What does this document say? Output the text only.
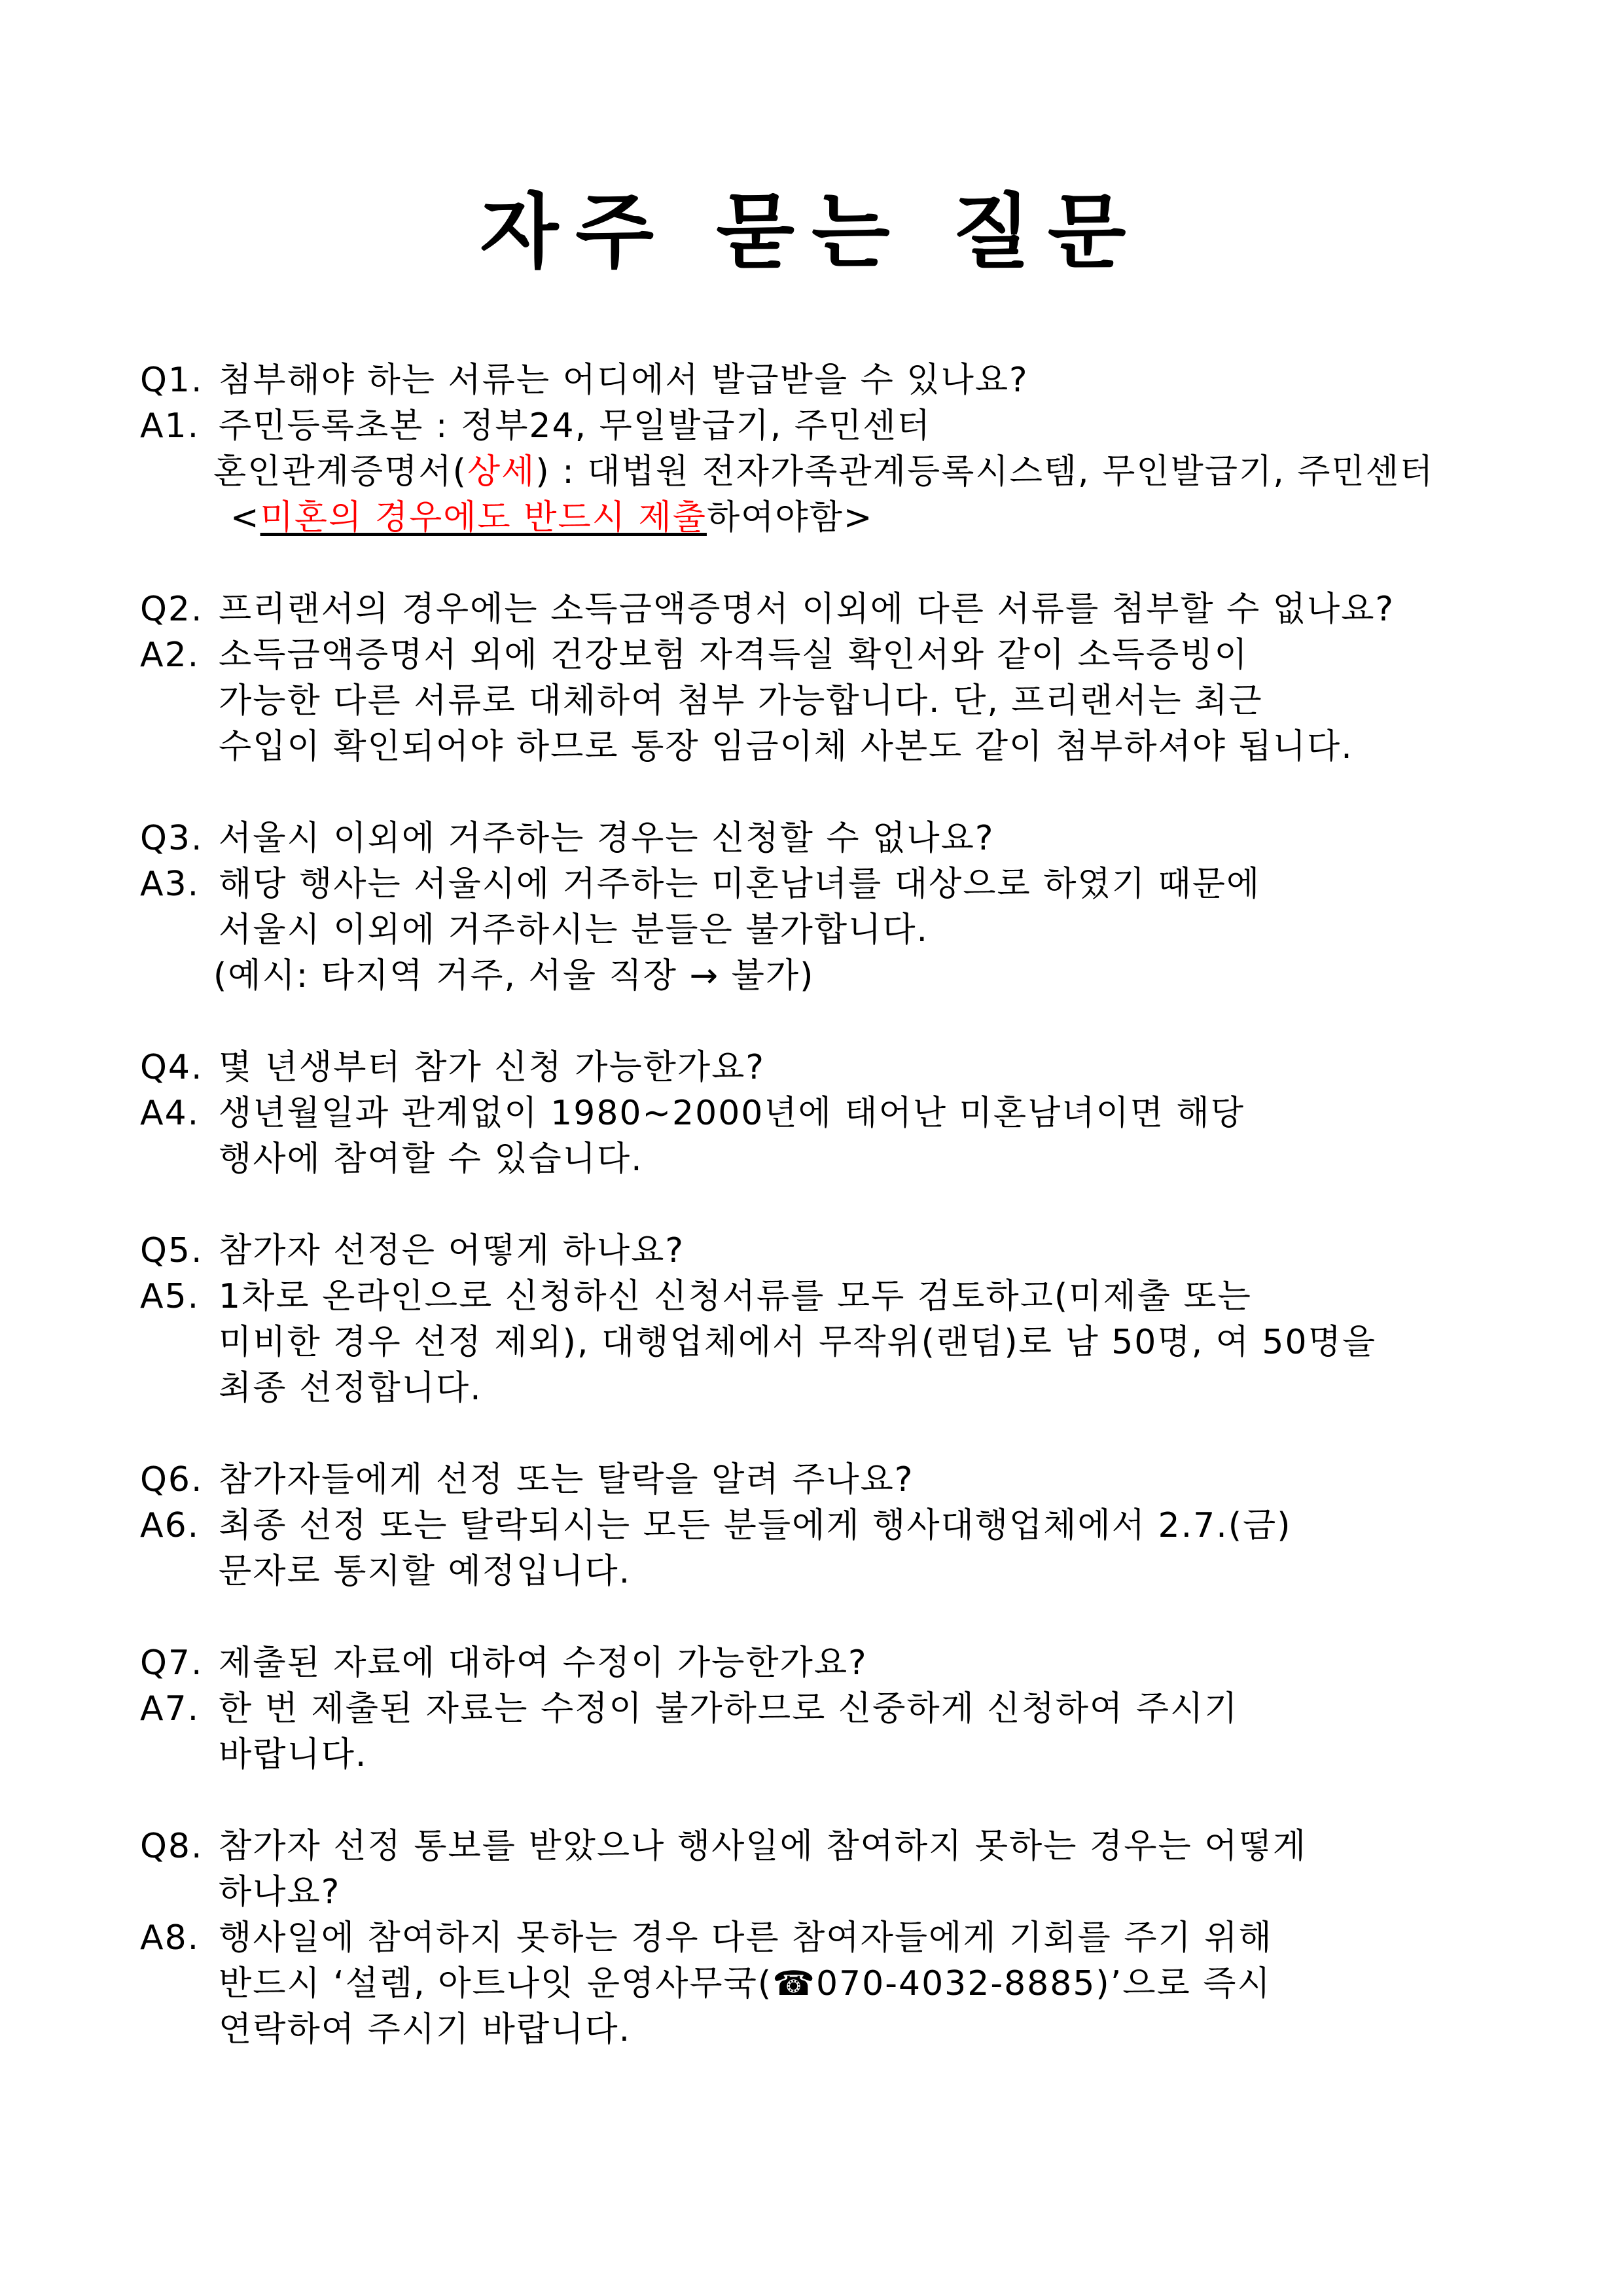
자주 묻는 질문
Q1. 첨부해야 하는 서류는 어디에서 발급받을 수 있나요?
A1. 주민등록초본 : 정부24, 무일발급기, 주민센터
혼인관계증명서(상세) : 대법원 전자가족관계등록시스템, 무인발급기, 주민센터
<미혼의 경우에도 반드시 제출하여야함>
Q2. 프리랜서의 경우에는 소득금액증명서 이외에 다른 서류를 첨부할 수 없나요?
A2. 소득금액증명서 외에 건강보험 자격득실 확인서와 같이 소득증빙이
가능한 다른 서류로 대체하여 첨부 가능합니다. 단, 프리랜서는 최근
수입이 확인되어야 하므로 통장 임금이체 사본도 같이 첨부하셔야 됩니다.
Q3. 서울시 이외에 거주하는 경우는 신청할 수 없나요?
A3. 해당 행사는 서울시에 거주하는 미혼남녀를 대상으로 하였기 때문에
서울시 이외에 거주하시는 분들은 불가합니다.
(예시: 타지역 거주, 서울 직장 → 불가)
Q4. 몇 년생부터 참가 신청 가능한가요?
A4. 생년월일과 관계없이 1980~2000년에 태어난 미혼남녀이면 해당
행사에 참여할 수 있습니다.
Q5. 참가자 선정은 어떻게 하나요?
A5. 1차로 온라인으로 신청하신 신청서류를 모두 검토하고(미제출 또는
미비한 경우 선정 제외), 대행업체에서 무작위(랜덤)로 남 50명, 여 50명을
최종 선정합니다.
Q6. 참가자들에게 선정 또는 탈락을 알려 주나요?
A6. 최종 선정 또는 탈락되시는 모든 분들에게 행사대행업체에서 2.7.(금)
문자로 통지할 예정입니다.
Q7. 제출된 자료에 대하여 수정이 가능한가요?
A7. 한 번 제출된 자료는 수정이 불가하므로 신중하게 신청하여 주시기
바랍니다.
Q8. 참가자 선정 통보를 받았으나 행사일에 참여하지 못하는 경우는 어떻게
하나요?
A8. 행사일에 참여하지 못하는 경우 다른 참여자들에게 기회를 주기 위해
반드시 ‘설렘, 아트나잇 운영사무국(☎070-4032-8885)’으로 즉시
연락하여 주시기 바랍니다.
